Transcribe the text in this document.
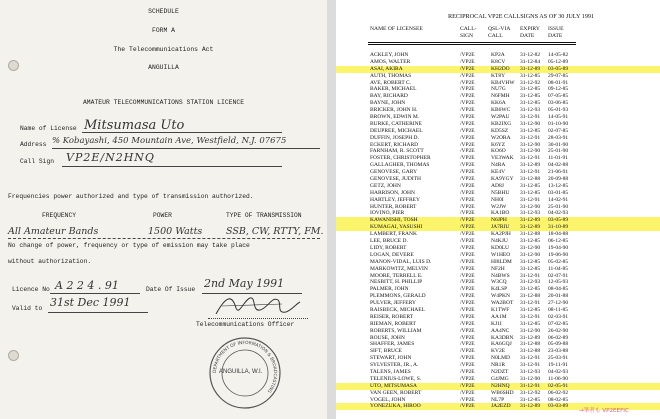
SCHEDULE
FORM A
The Telecommunications Act
ANGUILLA
AMATEUR TELECOMMUNICATIONS STATION LICENCE
Name of License Mitsumasa Uto
Address % Kobayashi, 450 Mountain Ave, Westfield, N.J. 07675
Call Sign VP2E/N2HNQ
Frequencies power authorized and type of transmission authorized.
FREQUENCY	POWER	TYPE OF TRANSMISSION
All Amateur Bands	1500 Watts SSB, CW, RTTY, FM.
No change of power, frequency or type of emission may take place
without authorization.
Licence No A 2 2 4 . 91	Date Of Issue 2nd May 1991
Valid to 31st Dec 1991
Telecommunications Officer
DEPARTMENT OF INFORMATION & BROADCASTING
ANGUILLA, W.I.
RECIPROCAL VP2E CALLSIGNS AS OF 30 JULY 1991
NAME OF LICENSEE	CALL-
SIGN
QSL-VIA
CALL
EXPIRY
DATE
ISSUE
DATE
ACKLEY, JOHN	/VP2E	KP2A	31-12-82 14-05-82
AMOS, WALTER	/VP2E	K8CV	31-12-84 05-12-89
ASAI, AKIRA	/VP2E	KH2DO 31-12-89 03-05-89
AUTH, THOMAS	/VP2E	KT8Y	31-12-85 29-07-85
AVE, ROBERT C.	/VP2E	KB4VHW 31-12-92 08-01-91
BAKER, MICHAEL	/VP2E	NU7G	31-12-85 09-12-85
BAY, RICHARD	/VP2E	N6FMH 31-12-85 07-05-85
BAYNE, JOHN	/VP2E	KK6A	31-12-85 03-06-85
BRICKER, JOHN H.	/VP2E	KB6WC 31-12-93 05-01-93
BROWN, EDWIN M.	/VP2E	W2PAU 31-12-91 14-05-91
BURKE, CATHERINE	/VP2E	KB2IXG 31-12-90 01-10-90
DEUPREE, MICHAEL	/VP2E	KD5SZ 31-12-85 02-07-85
DUFFIN, JOSEPH D.	/VP2E	W2ORA 31-12-91 28-03-91
ECKERT, RICHARD	/VP2E	K6YZ	31-12-90 30-01-90
FARNHAM, R. SCOTT	/VP2E	KO6O	31-12-90 25-01-90
FOSTER, CHRISTOPHER	/VP2E	VE3WAK 31-12-91 11-01-91
GALLAGHER, THOMAS	/VP2E	N4RA	31-12-89 04-02-88
GENOVESE, GARY	/VP2E	KE4V	31-12-91 21-06-91
GENOVESE, JUDITH	/VP2E	KA9YGY 31-12-88 20-09-88
GETZ, JOHN	/VP2E	AD8J	31-12-85 13-12-85
HARRISON, JOHN	/VP2E	N5BHU 31-12-85 03-01-85
HARTLEY, JEFFREY	/VP2E	NH0I	31-12-91 14-02-91
HUNTER, ROBERT	/VP2E	W2JW 31-12-90 25-01-90
IOVINO, PIER	/VP2E	KA1BO 31-12-93 04-02-93
KAWANISHI, TOSH	/VP2E	N6JPH 31-12-89 03-05-89
KUMAGAI, YASUSHI	/VP2E	JA7RIU 31-12-89 31-10-89
LAMBERT, FRANK	/VP2E	KA2PJH 31-12-88 18-04-88
LEE, BRUCE D.	/VP2E	N4KJU 31-12-85 06-12-85
LIDY, ROBERT	/VP2E	KD0LU 31-12-90 19-04-90
LOGAN, DEVERE	/VP2E	W1HEO 31-12-90 19-06-90
MANON-VIDAL, LUIS D.	/VP2E	HI8LDM 31-12-85 05-02-85
MARKOWITZ, MELVIN	/VP2E	NF2H	31-12-85 11-04-85
MOORE, TERRELL E.	/VP2E	N4BWS 31-12-91 02-07-91
NESBITT, H. PHILLIP	/VP2E	W3CQ 31-12-93 12-05-93
PALMER, JOHN	/VP2E	K4LSP 31-12-85 08-04-85
PLEMMONS, GERALD	/VP2E	W4PKN 31-12-88 20-01-88
PULVER, JEFFERY	/VP2E	WA2BOT 31-12-91 27-12-90
RAISBECK, MICHAEL	/VP2E	K1TWF 31-12-85 08-11-85
REISER, ROBERT	/VP2E	AA1M 31-12-91 02-03-91
RIEMAN, ROBERT	/VP2E	KJ1I	31-12-85 07-02-85
ROBERTS, WILLIAM	/VP2E	AA4NC 31-12-90 26-02-90
ROUSE, JOHN	/VP2E	KA3DBN 31-12-89 06-02-89
SHAFFER, JAMES	/VP2E	KA6GQJ 31-12-88 05-09-88
SIFT, BRUCE	/VP2E	KV2E	31-12-88 23-03-88
STEWART, JOHN	/VP2E	N0LMD 31-12-91 25-03-91
SYLVESTER, JR., A.	/VP2E	NR1R	31-12-91 19-11-91
TALENS, JAMES	/VP2E	N2DZT 31-12-93 04-02-93
TELENIUS-LOWE, S.	/VP2E	G4JMG 31-12-90 11-06-90
UTO, MITSUMASA	/VP2E	N2HNQ 31-12-91 02-05-91
VAN GEEN, ROBERT	/VP2E	WB6SHD 31-12-92 06-02-92
VOGEL, JOHN	/VP2E	NL7P	31-12-85 08-02-85
YONEZUKA, HIROO	/VP2E	JA2EZD 31-12-89 03-03-89
→筆者も VP2EEFIC
